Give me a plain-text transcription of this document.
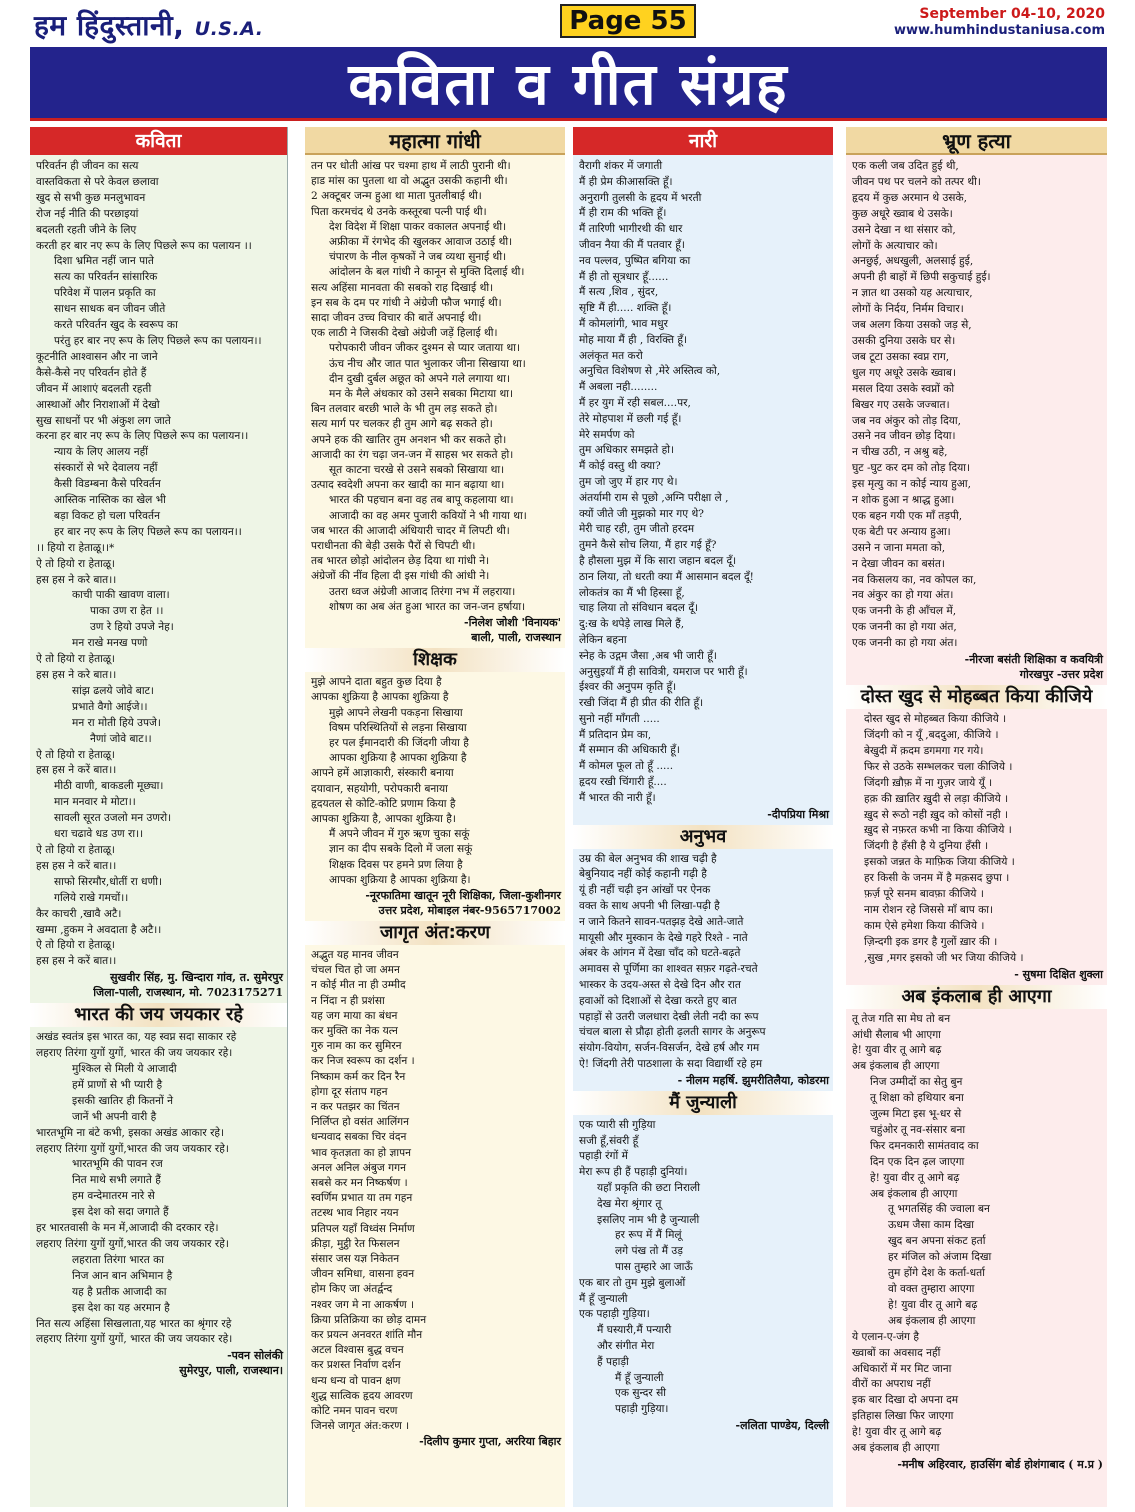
हम हिंदुस्तानी, U.S.A.	Page 55	September 04-10, 2020
www.humhindustaniusa.com
कविता व गीत संग्रह
कविता
परिवर्तन ही जीवन का सत्य
वास्तविकता से परे केवल छलावा
खुद से सभी कुछ मनलुभावन
रोज नई नीति की परछाइयां
बदलती रहती जीने के लिए
करती हर बार नए रूप के लिए पिछले रूप का पलायन ।।
दिशा भ्रमित नहीं जान पाते
सत्य का परिवर्तन सांसारिक
परिवेश में पालन प्रकृति का
साधन साधक बन जीवन जीते
करते परिवर्तन खुद के स्वरूप का
परंतु हर बार नए रूप के लिए पिछले रूप का पलायन।।
कूटनीति आश्वासन और ना जाने
कैसे-कैसे नए परिवर्तन होते हैं
जीवन में आशाएं बदलती रहती
आस्थाओं और निराशाओं में देखो
सुख साधनों पर भी अंकुश लग जाते
करना हर बार नए रूप के लिए पिछले रूप का पलायन।।
न्याय के लिए आलय नहीं
संस्कारों से भरे देवालय नहीं
कैसी विडम्बना कैसे परिवर्तन
आस्तिक नास्तिक का खेल भी
बड़ा विकट हो चला परिवर्तन
हर बार नए रूप के लिए पिछले रूप का पलायन।।
।। हियो रा हेताळू।।*
ऐ तो हियो रा हेताळू।
हस हस ने करे बात।।
काची पाकी खावण वाला।
पाका उण रा हेत ।।
उण रे हियो उपजे नेह।
मन राखे मनख पणो
ऐ तो हियो रा हेताळू।
हस हस ने करे बात।।
सांझ ढलये जोवे बाट।
प्रभाते वैगो आईजे।।
मन रा मोती हिये उपजे।
नैणां जोवे बाट।।
ऐ तो हियो रा हेताळू।
हस हस ने करें बात।।
मीठी वाणी, बाकडली मूछ्या।
मान मनवार मे मोटा।।
सावली सूरत उजलो मन उणरो।
धरा चढावे धड उण रा।।
ऐ तो हियो रा हेताळू।
हस हस ने करें बात।।
साफो सिरमौर,धोतीं रा धणी।
गलिये राखे गमचों।।
कैर काचरी ,खावै अटै।
खम्मा ,हुकम ने अवदाता है अटै।।
ऐ तो हियो रा हेताळू।
हस हस ने करें बात।।
सुखवीर सिंह, मु. खिन्दारा गांव, त. सुमेरपुर
जिला-पाली, राजस्थान, मो. 7023175271
भारत की जय जयकार रहे
अखंड स्वतंत्र इस भारत का, यह स्वप्न सदा साकार रहे
लहराए तिरंगा युगों युगों, भारत की जय जयकार रहे।
मुश्किल से मिली ये आजादी
हमें प्राणों से भी प्यारी है
इसकी खातिर ही कितनों ने
जानें भी अपनी वारी है
भारतभूमि ना बंटे कभी, इसका अखंड आकार रहे।
लहराए तिरंगा युगों युगों,भारत की जय जयकार रहे।
भारतभूमि की पावन रज
नित माथे सभी लगाते हैं
हम वन्देमातरम नारे से
इस देश को सदा जगाते हैं
हर भारतवासी के मन में,आजादी की दरकार रहे।
लहराए तिरंगा युगों युगों,भारत की जय जयकार रहे।
लहराता तिरंगा भारत का
निज आन बान अभिमान है
यह है प्रतीक आजादी का
इस देश का यह अरमान है
नित सत्य अहिंसा सिखलाता,यह भारत का श्रृंगार रहे
लहराए तिरंगा युगों युगों, भारत की जय जयकार रहे।
-पवन सोलंकी
सुमेरपुर, पाली, राजस्थान।
महात्मा गांधी
तन पर धोती आंख पर चश्मा हाथ में लाठी पुरानी थी।
हाड मांस का पुतला था वो अद्भुत उसकी कहानी थी।
2 अक्टूबर जन्म हुआ था माता पुतलीबाई थी।
पिता करमचंद थे उनके कस्तूरबा पत्नी पाई थी।
देश विदेश में शिक्षा पाकर वकालत अपनाई थी।
अफ्रीका में रंगभेद की खुलकर आवाज उठाई थी।
चंपारण के नील कृषकों ने जब व्यथा सुनाई थी।
आंदोलन के बल गांधी ने कानून से मुक्ति दिलाई थी।
सत्य अहिंसा मानवता की सबको राह दिखाई थी।
इन सब के दम पर गांधी ने अंग्रेजी फौज भगाई थी।
सादा जीवन उच्च विचार की बातें अपनाई थी।
एक लाठी ने जिसकी देखो अंग्रेजी जड़ें हिलाई थी।
परोपकारी जीवन जीकर दुश्मन से प्यार जताया था।
ऊंच नीच और जात पात भुलाकर जीना सिखाया था।
दीन दुखी दुर्बल अछूत को अपने गले लगाया था।
मन के मैले अंधकार को उसने सबका मिटाया था।
बिन तलवार बरछी भाले के भी तुम लड़ सकते हो।
सत्य मार्ग पर चलकर ही तुम आगे बढ़ सकते हो।
अपने हक की खातिर तुम अनशन भी कर सकते हो।
आजादी का रंग चढ़ा जन-जन में साहस भर सकते हो।
सूत काटना चरखे से उसने सबको सिखाया था।
उत्पाद स्वदेशी अपना कर खादी का मान बढ़ाया था।
भारत की पहचान बना वह तब बापू कहलाया था।
आजादी का वह अमर पुजारी कवियों ने भी गाया था।
जब भारत की आजादी अंधियारी चादर में लिपटी थी।
पराधीनता की बेड़ी उसके पैरों से चिपटी थी।
तब भारत छोड़ो आंदोलन छेड़ दिया था गांधी ने।
अंग्रेजों की नींव हिला दी इस गांधी की आंधी ने।
उतरा ध्वज अंग्रेजी आजाद तिरंगा नभ में लहराया।
शोषण का अब अंत हुआ भारत का जन-जन हर्षाया।
-निलेश जोशी 'विनायक'
बाली, पाली, राजस्थान
शिक्षक
मुझे आपने दाता बहुत कुछ दिया है
आपका शुक्रिया है आपका शुक्रिया है
मुझे आपने लेखनी पकड़ना सिखाया
विषम परिस्थितियों से लड़ना सिखाया
हर पल ईमानदारी की जिंदगी जीया है
आपका शुक्रिया है आपका शुक्रिया है
आपने हमें आज्ञाकारी, संस्कारी बनाया
दयावान, सहयोगी, परोपकारी बनाया
हृदयतल से कोटि-कोटि प्रणाम किया है
आपका शुक्रिया है, आपका शुक्रिया है।
मैं अपने जीवन में गुरु ऋण चुका सकूं
ज्ञान का दीप सबके दिलो में जला सकूं
शिक्षक दिवस पर हमने प्रण लिया है
आपका शुक्रिया है आपका शुक्रिया है।
-नूरफातिमा खातून नूरी शिक्षिका, जिला-कुशीनगर
उत्तर प्रदेश, मोबाइल नंबर-9565717002
जागृत अंत:करण
अद्भुत यह मानव जीवन
चंचल चित हो जा अमन
न कोई मीत ना ही उम्मीद
न निंदा न ही प्रशंसा
यह जग माया का बंधन
कर मुक्ति का नेक यत्न
गुरु नाम का कर सुमिरन
कर निज स्वरूप का दर्शन ।
निष्काम कर्म कर दिन रैन
होगा दूर संताप गहन
न कर पतझर का चिंतन
निर्लिप्त हो वसंत आलिंगन
धन्यवाद सबका चिर वंदन
भाव कृतज्ञता का हो ज्ञापन
अनल अनिल अंबुज गगन
सबसे कर मन निष्कर्षण ।
स्वर्णिम प्रभात या तम गहन
तटस्थ भाव निहार नयन
प्रतिपल यहाँ विध्वंस निर्माण
क्रीड़ा, मुट्ठी रेत फिसलन
संसार जस यज्ञ निकेतन
जीवन समिधा, वासना हवन
होम किए जा अंतर्द्वन्द
नश्वर जग मे ना आकर्षण ।
क्रिया प्रतिक्रिया का छोड़ दामन
कर प्रयत्न अनवरत शांति मौन
अटल विश्वास बुद्ध वचन
कर प्रशस्त निर्वाण दर्शन
धन्य धन्य वो पावन क्षण
शुद्ध सात्विक हृदय आवरण
कोटि नमन पावन चरण
जिनसे जागृत अंत:करण ।
-दिलीप कुमार गुप्ता, अररिया बिहार
नारी
वैरागी शंकर में जगाती
मैं ही प्रेम कीआसक्ति हूँ।
अनुरागी तुलसी के हृदय में भरती
मैं ही राम की भक्ति हूँ।
मैं तारिणी भागीरथी की धार
जीवन नैया की मैं पतवार हूँ।
नव पल्लव, पुष्पित बगिया का
मैं ही तो सूत्रधार हूँ......
मैं सत्य ,शिव , सुंदर,
सृष्टि मैं ही..... शक्ति हूँ।
मैं कोमलांगी, भाव मधुर
मोह माया मैं ही , विरक्ति हूँ।
अलंकृत मत करो
अनुचित विशेषण से ,मेरे अस्तित्व को,
मैं अबला नही........
मैं हर युग में रही सबल....पर,
तेरे मोहपाश में छली गई हूँ।
मेरे समर्पण को
तुम अधिकार समझते हो।
मैं कोई वस्तु थी क्या?
तुम जो जुए में हार गए थे।
अंतर्यामी राम से पूछो ,अग्नि परीक्षा ले ,
क्यों जीते जी मुझको मार गए थे?
मेरी चाह रही, तुम जीतो हरदम
तुमने कैसे सोच लिया, मैं हार गई हूँ?
है हौसला मुझ में कि सारा जहान बदल दूँ।
ठान लिया, तो धरती क्या मैं आसमान बदल दूँ!
लोकतंत्र का मैं भी हिस्सा हूँ,
चाह लिया तो संविधान बदल दूँ।
दु:ख के थपेड़े लाख मिले हैं,
लेकिन बहना
स्नेह के उद्गम जैसा ,अब भी जारी हूँ।
अनुसुइयाँ मैं ही सावित्री, यमराज पर भारी हूँ।
ईश्वर की अनुपम कृति हूँ।
रखी जिंदा मैं ही प्रीत की रीति हूँ।
सुनो नहीं माँगती .....
मैं प्रतिदान प्रेम का,
मैं सम्मान की अधिकारी हूँ।
मैं कोमल फूल तो हूँ .....
हृदय रखी चिंगारी हूँ....
मैं भारत की नारी हूँ।
-दीपप्रिया मिश्रा
अनुभव
उम्र की बेल अनुभव की शाख चढ़ी है
बेबुनियाद नहीं कोई कहानी गढ़ी है
यूं ही नहीं चढ़ी इन आंखों पर ऐनक
वक्त के साथ अपनी भी लिखा-पढ़ी है
न जाने कितने सावन-पतझड़ देखे आते-जाते
मायूसी और मुस्कान के देखे गहरे रिश्ते - नाते
अंबर के आंगन में देखा चाँद को घटते-बढ़ते
अमावस से पूर्णिमा का शाश्वत सफ़र गढ़ते-रचते
भास्कर के उदय-अस्त से देखे दिन और रात
हवाओं को दिशाओं से देखा करते हुए बात
पहाड़ों से उतरी जलधारा देखी लेती नदी का रूप
चंचल बाला से प्रौढ़ा होती ढ़लती सागर के अनुरूप
संयोग-वियोग, सर्जन-विसर्जन, देखे हर्ष और गम
ऐ! जिंदगी तेरी पाठशाला के सदा विद्यार्थी रहे हम
- नीलम महर्षि. झुमरीतिलैया, कोडरमा
मैं जुन्याली
एक प्यारी सी गुड़िया
सजी हूँ,संवरी हूँ
पहाड़ी रंगों में
मेरा रूप ही हैं पहाड़ी दुनियां।
यहाँ प्रकृति की छटा निराली
देख मेरा श्रृंगार तू
इसलिए नाम भी है जुन्याली
हर रूप में मैं मिलूं
लगे पंख तो मैं उड़
पास तुम्हारे आ जाऊँ
एक बार तो तुम मुझे बुलाओं
मैं हूँ जुन्याली
एक पहाड़ी गुड़िया।
मैं घस्यारी,मैं पन्यारी
और संगीत मेरा
हैं पहाड़ी
मैं हूँ जुन्याली
एक सुन्दर सी
पहाड़ी गुड़िया।
-ललिता पाण्डेय, दिल्ली
भ्रूण हत्या
एक कली जब उदित हुई थी,
जीवन पथ पर चलने को तत्पर थी।
हृदय में कुछ अरमान थे उसके,
कुछ अधूरे ख्वाब थे उसके।
उसने देखा न था संसार को,
लोगों के अत्याचार को।
अनछुई, अधखुली, अलसाई हुई,
अपनी ही बाहों में छिपी सकुचाई हुई।
न ज्ञात था उसको यह अत्याचार,
लोगों के निर्दय, निर्मम विचार।
जब अलग किया उसको जड़ से,
उसकी दुनिया उसके घर से।
जब टूटा उसका स्वप्न राग,
धुल गए अधूरे उसके ख्वाब।
मसल दिया उसके स्वप्नों को
बिखर गए उसके जज्बात।
जब नव अंकुर को तोड़ दिया,
उसने नव जीवन छोड़ दिया।
न चीख उठी, न अश्रु बहे,
घुट -घुट कर दम को तोड़ दिया।
इस मृत्यु का न कोई न्याय हुआ,
न शोक हुआ न श्राद्ध हुआ।
एक बहन गयी एक माँ तड़पी,
एक बेटी पर अन्याय हुआ।
उसने न जाना ममता को,
न देखा जीवन का बसंत।
नव किसलय का, नव कोपल का,
नव अंकुर का हो गया अंत।
एक जननी के ही आँचल में,
एक जननी का हो गया अंत,
एक जननी का हो गया अंत।
-नीरजा बसंती शिक्षिका व कवयित्री
गोरखपुर -उत्तर प्रदेश
दोस्त खुद से मोहब्बत किया कीजिये
दोस्त खुद से मोहब्बत किया कीजिये ।
जिंदगी को न यूँ ,बददुआ, कीजिये ।
बेखुदी में क़दम डगमगा गर गये।
फिर से उठके सम्भलकर चला कीजिये ।
जिंदगी ख़ौफ़ में ना गुज़र जाये यूँ ।
हक़ की ख़ातिर ख़ुदी से लड़ा कीजिये ।
ख़ुद से रूठो नही ख़ुद को कोसों नही ।
ख़ुद से नफ़रत कभी ना किया कीजिये ।
जिंदगी है हँसी है ये दुनिया हँसी ।
इसको जन्नत के माफ़िक जिया कीजिये ।
हर किसी के जनम में है मक़सद छुपा ।
फ़र्ज़ पूरे सनम बावफ़ा कीजिये ।
नाम रोशन रहे जिससे माँ बाप का।
काम ऐसे हमेशा किया कीजिये ।
ज़िन्दगी इक डगर है गुलों ख़ार की ।
,सुख ,मगर इसको जी भर जिया कीजिये ।
- सुषमा दिक्षित शुक्ला
अब इंकलाब ही आएगा
तू तेज गति सा मेघ तो बन
आंधी सैलाब भी आएगा
हे! युवा वीर तू आगे बढ़
अब इंकलाब ही आएगा
निज उम्मीदों का सेतु बुन
तू शिक्षा को हथियार बना
जुल्म मिटा इस भू-धर से
चहुंओर तू नव-संसार बना
फिर दमनकारी सामंतवाद का
दिन एक दिन ढ़ल जाएगा
हे! युवा वीर तू आगे बढ़
अब इंकलाब ही आएगा
तू भगतसिंह की ज्वाला बन
ऊधम जैसा काम दिखा
खुद बन अपना संकट हर्ता
हर मंजिल को अंजाम दिखा
तुम होंगे देश के कर्ता-धर्ता
वो वक्त तुम्हारा आएगा
हे! युवा वीर तू आगे बढ़
अब इंकलाब ही आएगा
ये एलान-ए-जंग है
ख्वाबों का अवसाद नहीं
अधिकारों में मर मिट जाना
वीरों का अपराध नहीं
इक बार दिखा दो अपना दम
इतिहास लिखा फिर जाएगा
हे! युवा वीर तू आगे बढ़
अब इंकलाब ही आएगा
-मनीष अहिरवार, हाउसिंग बोर्ड होशंगाबाद ( म.प्र )
